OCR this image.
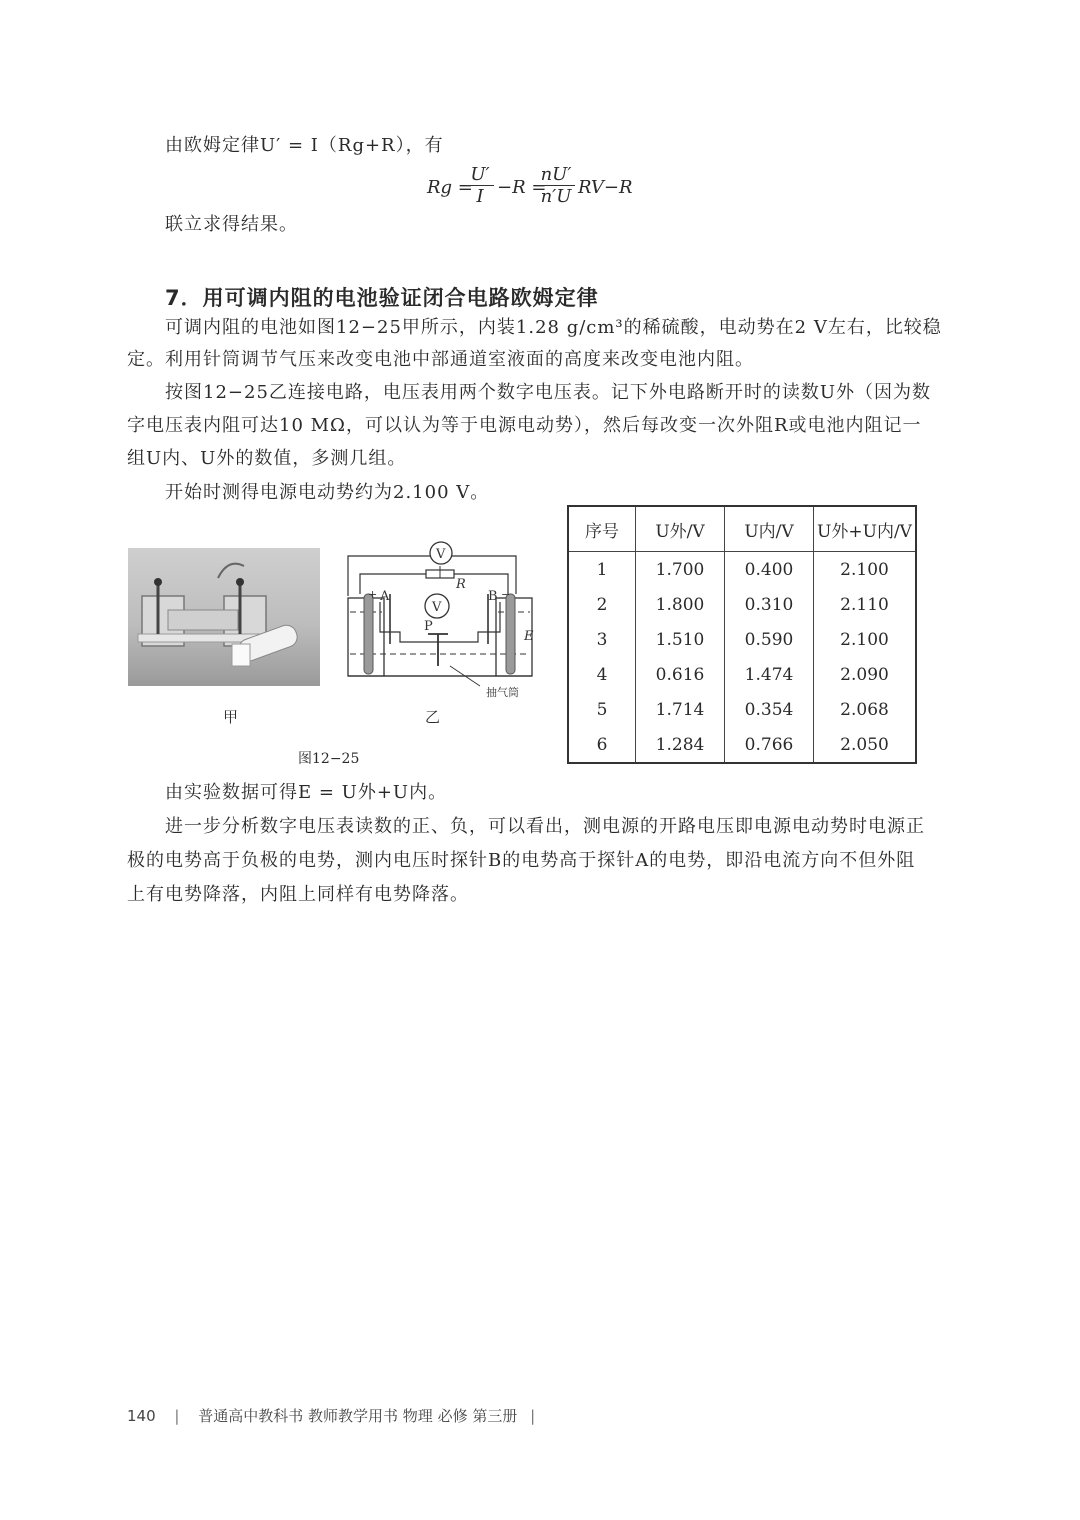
由欧姆定律U′ = I（Rg+R），有
Rg =
$\frac{U'}{I} -R$ =
$\frac{nU'}{n'U} RV-R$
联立求得结果。
7．用可调内阻的电池验证闭合电路欧姆定律
可调内阻的电池如图12−25甲所示，内装1.28 g/cm³的稀硫酸，电动势在2 V左右，比较稳
定。利用针筒调节气压来改变电池中部通道室液面的高度来改变电池内阻。
按图12−25乙连接电路，电压表用两个数字电压表。记下外电路断开时的读数U外（因为数
字电压表内阻可达10 MΩ，可以认为等于电源电动势），然后每改变一次外阻R或电池内阻记一
组U内、U外的数值，多测几组。
开始时测得电源电动势约为2.100 V。
甲
V
R
V
+ A	B −
P
E
抽气筒
乙
图12−25
序号	U外/V	U内/V	U外+U内/V
1	1.700	0.400	2.100
2	1.800	0.310	2.110
3	1.510	0.590	2.100
4	0.616	1.474	2.090
5	1.714	0.354	2.068
6	1.284	0.766	2.050
由实验数据可得E = U外+U内。
进一步分析数字电压表读数的正、负，可以看出，测电源的开路电压即电源电动势时电源正
极的电势高于负极的电势，测内电压时探针B的电势高于探针A的电势，即沿电流方向不但外阻
上有电势降落，内阻上同样有电势降落。
140 | 普通高中教科书 教师教学用书 物理 必修 第三册 |
